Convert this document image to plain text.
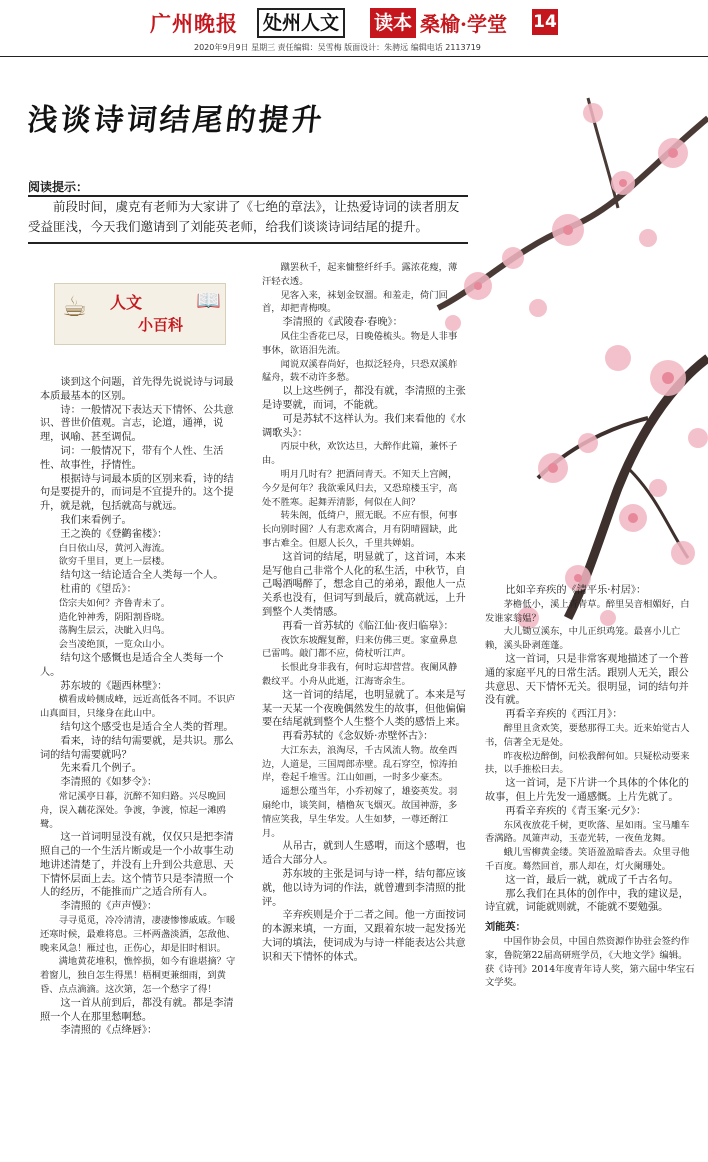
广州晚报	处州人文	读本 桑榆·学堂 14
2020年9月9日 星期三 责任编辑：吴雪梅 版面设计：朱骋远 编辑电话 2113719
浅谈诗词结尾的提升
阅读提示：
前段时间，虞克有老师为大家讲了《七绝的章法》，让热爱诗词的读者朋友受益匪浅，今天我们邀请到了刘能英老师，给我们谈谈诗词结尾的提升。
☕	📖
人文
小百科

谈到这个问题，首先得先说说诗与词最本质最基本的区别。

诗：一般情况下表达天下情怀、公共意识、普世价值观。言志，论道，通禅，说理，讽喻、甚至调侃。

词：一般情况下，带有个人性、生活性、故事性，抒情性。

根据诗与词最本质的区别来看，诗的结句是要提升的，而词是不宜提升的。这个提升，就是就，包括就高与就远。

我们来看例子。

王之涣的《登鹳雀楼》：

白日依山尽，黄河入海流。

欲穷千里目，更上一层楼。

结句这一结论适合全人类每一个人。

杜甫的《望岳》：

岱宗夫如何？齐鲁青未了。

造化钟神秀，阴阳割昏晓。

荡胸生层云，决眦入归鸟。

会当凌绝顶，一览众山小。

结句这个感慨也是适合全人类每一个人。

苏东坡的《题西林壁》：

横看成岭侧成峰，远近高低各不同。不识庐山真面目，只缘身在此山中。

结句这个感受也是适合全人类的哲理。

看来，诗的结句需要就，是共识。那么词的结句需要就吗？

先来看几个例子。

李清照的《如梦令》：

常记溪亭日暮，沉醉不知归路。兴尽晚回舟，误入藕花深处。争渡，争渡，惊起一滩鸥鹭。

这一首词明显没有就，仅仅只是把李清照自己的一个生活片断或是一个小故事生动地讲述清楚了，并没有上升到公共意思、天下情怀层面上去。这个情节只是李清照一个人的经历，不能推而广之适合所有人。

李清照的《声声慢》：

寻寻觅觅，冷冷清清，凄凄惨惨戚戚。乍暖还寒时候，最难将息。三杯两盏淡酒，怎敌他、晚来风急！雁过也，正伤心，却是旧时相识。

满地黄花堆积，憔悴损，如今有谁堪摘？守着窗儿，独自怎生得黑！梧桐更兼细雨，到黄昏、点点滴滴。这次第，怎一个愁字了得！

这一首从前到后，都没有就。都是李清照一个人在那里愁啊愁。

李清照的《点绛唇》：

蹴罢秋千，起来慵整纤纤手。露浓花瘦，薄汗轻衣透。

见客入来，袜刬金钗溜。和羞走，倚门回首，却把青梅嗅。

李清照的《武陵春·春晚》：

风住尘香花已尽，日晚倦梳头。物是人非事事休，欲语泪先流。

闻说双溪春尚好，也拟泛轻舟，只恐双溪舴艋舟，载不动许多愁。

以上这些例子，都没有就，李清照的主张是诗要就，而词，不能就。

可是苏轼不这样认为。我们来看他的《水调歌头》：

丙辰中秋，欢饮达旦，大醉作此篇，兼怀子由。

明月几时有？把酒问青天。不知天上宫阙，今夕是何年？我欲乘风归去，又恐琼楼玉宇，高处不胜寒。起舞弄清影，何似在人间？

转朱阁，低绮户，照无眠。不应有恨，何事长向别时圆？人有悲欢离合，月有阴晴圆缺，此事古难全。但愿人长久，千里共婵娟。

这首词的结尾，明显就了，这首词，本来是写他自己非常个人化的私生活，中秋节，自己喝酒喝醉了，想念自己的弟弟，跟他人一点关系也没有，但词写到最后，就高就远，上升到整个人类情感。

再看一首苏轼的《临江仙·夜归临皋》：

夜饮东坡醒复醉，归来仿佛三更。家童鼻息已雷鸣。敲门都不应，倚杖听江声。

长恨此身非我有，何时忘却营营。夜阑风静縠纹平。小舟从此逝，江海寄余生。

这一首词的结尾，也明显就了。本来是写某一天某一个夜晚偶然发生的故事，但他偏偏要在结尾就到整个人生整个人类的感悟上来。

再看苏轼的《念奴娇·赤壁怀古》：

大江东去，浪淘尽，千古风流人物。故垒西边，人道是，三国周郎赤壁。乱石穿空，惊涛拍岸，卷起千堆雪。江山如画，一时多少豪杰。

遥想公瑾当年，小乔初嫁了，雄姿英发。羽扇纶巾，谈笑间，樯橹灰飞烟灭。故国神游，多情应笑我，早生华发。人生如梦，一尊还酹江月。

从吊古，就到人生感喟，而这个感喟，也适合大部分人。

苏东坡的主张是词与诗一样，结句都应该就，他以诗为词的作法，就曾遭到李清照的批评。

辛弃疾则是介于二者之间。他一方面按词的本源来填，一方面，又跟着东坡一起发扬光大词的填法，使词成为与诗一样能表达公共意识和天下情怀的体式。

比如辛弃疾的《清平乐·村居》：

茅檐低小，溪上青青草。醉里吴音相媚好，白发谁家翁媪？

大儿锄豆溪东，中儿正织鸡笼。最喜小儿亡赖，溪头卧剥莲蓬。

这一首词，只是非常客观地描述了一个普通的家庭平凡的日常生活。跟别人无关，跟公共意思、天下情怀无关。很明显，词的结句并没有就。

再看辛弃疾的《西江月》：

醉里且贪欢笑，要愁那得工夫。近来始觉古人书，信著全无是处。

昨夜松边醉倒，问松我醉何如。只疑松动要来扶，以手推松曰去。

这一首词，是下片讲一个具体的个体化的故事，但上片先发一通感慨。上片先就了。

再看辛弃疾的《青玉案·元夕》：

东风夜放花千树，更吹落、星如雨。宝马雕车香满路。凤箫声动，玉壶光转，一夜鱼龙舞。

蛾儿雪柳黄金缕。笑语盈盈暗香去。众里寻他千百度。蓦然回首，那人却在，灯火阑珊处。

这一首，最后一就，就成了千古名句。

那么我们在具体的创作中，我的建议是，诗宜就，词能就则就，不能就不要勉强。

刘能英：

中国作协会员，中国自然资源作协驻会签约作家，鲁院第22届高研班学员，《大地文学》编辑。获《诗刊》2014年度青年诗人奖，第六届中华宝石文学奖。
